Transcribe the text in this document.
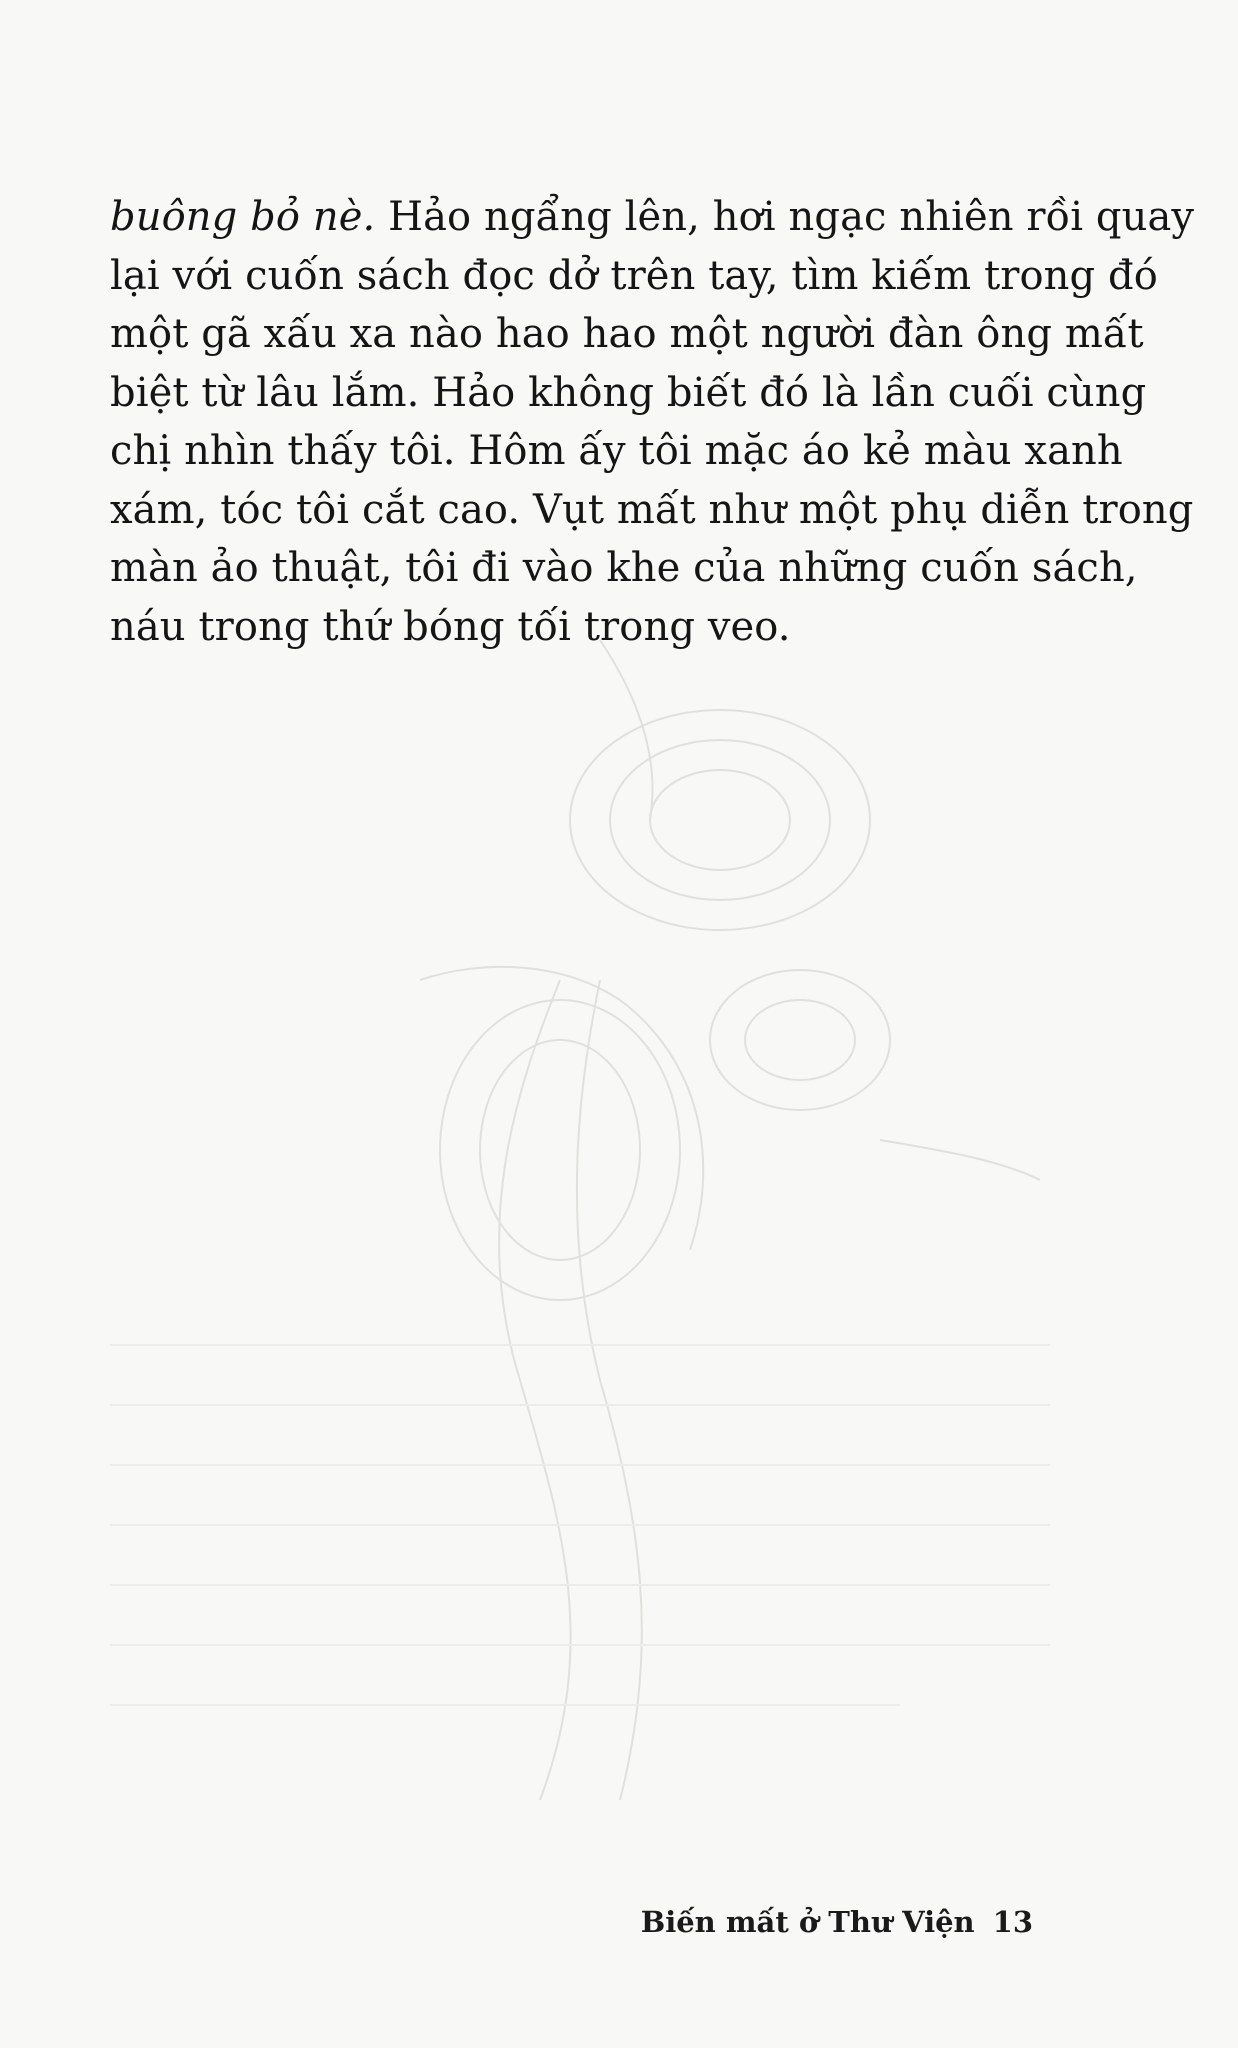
buông bỏ nè. Hảo ngẩng lên, hơi ngạc nhiên rồi quay
lại với cuốn sách đọc dở trên tay, tìm kiếm trong đó
một gã xấu xa nào hao hao một người đàn ông mất
biệt từ lâu lắm. Hảo không biết đó là lần cuối cùng
chị nhìn thấy tôi. Hôm ấy tôi mặc áo kẻ màu xanh
xám, tóc tôi cắt cao. Vụt mất như một phụ diễn trong
màn ảo thuật, tôi đi vào khe của những cuốn sách,
náu trong thứ bóng tối trong veo.

Biến mất ở Thư Viện 13
